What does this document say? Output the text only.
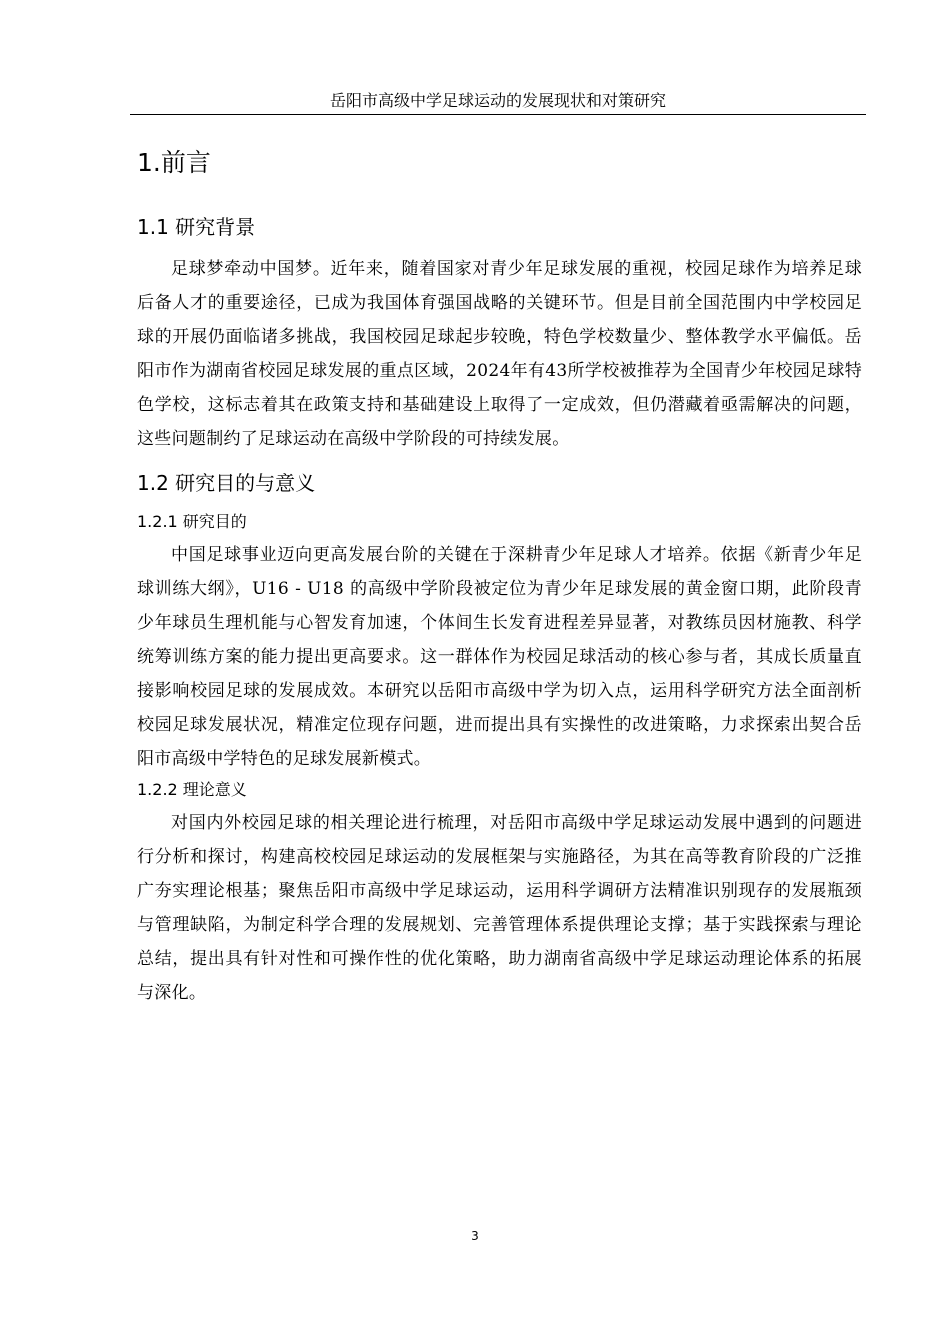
岳阳市高级中学足球运动的发展现状和对策研究
1.前言
1.1 研究背景

足球梦牵动中国梦。近年来，随着国家对青少年足球发展的重视，校园足球作为培养足球后备人才的重要途径，已成为我国体育强国战略的关键环节。但是目前全国范围内中学校园足球的开展仍面临诸多挑战，我国校园足球起步较晚，特色学校数量少、整体教学水平偏低。岳阳市作为湖南省校园足球发展的重点区域，2024年有43所学校被推荐为全国青少年校园足球特色学校，这标志着其在政策支持和基础建设上取得了一定成效，但仍潜藏着亟需解决的问题，这些问题制约了足球运动在高级中学阶段的可持续发展。

1.2 研究目的与意义
1.2.1 研究目的

中国足球事业迈向更高发展台阶的关键在于深耕青少年足球人才培养。依据《新青少年足球训练大纲》，U16 - U18 的高级中学阶段被定位为青少年足球发展的黄金窗口期，此阶段青少年球员生理机能与心智发育加速，个体间生长发育进程差异显著，对教练员因材施教、科学统筹训练方案的能力提出更高要求。这一群体作为校园足球活动的核心参与者，其成长质量直接影响校园足球的发展成效。本研究以岳阳市高级中学为切入点，运用科学研究方法全面剖析校园足球发展状况，精准定位现存问题，进而提出具有实操性的改进策略，力求探索出契合岳阳市高级中学特色的足球发展新模式。

1.2.2 理论意义

对国内外校园足球的相关理论进行梳理，对岳阳市高级中学足球运动发展中遇到的问题进行分析和探讨，构建高校校园足球运动的发展框架与实施路径，为其在高等教育阶段的广泛推广夯实理论根基；聚焦岳阳市高级中学足球运动，运用科学调研方法精准识别现存的发展瓶颈与管理缺陷，为制定科学合理的发展规划、完善管理体系提供理论支撑；基于实践探索与理论总结，提出具有针对性和可操作性的优化策略，助力湖南省高级中学足球运动理论体系的拓展与深化。

3
